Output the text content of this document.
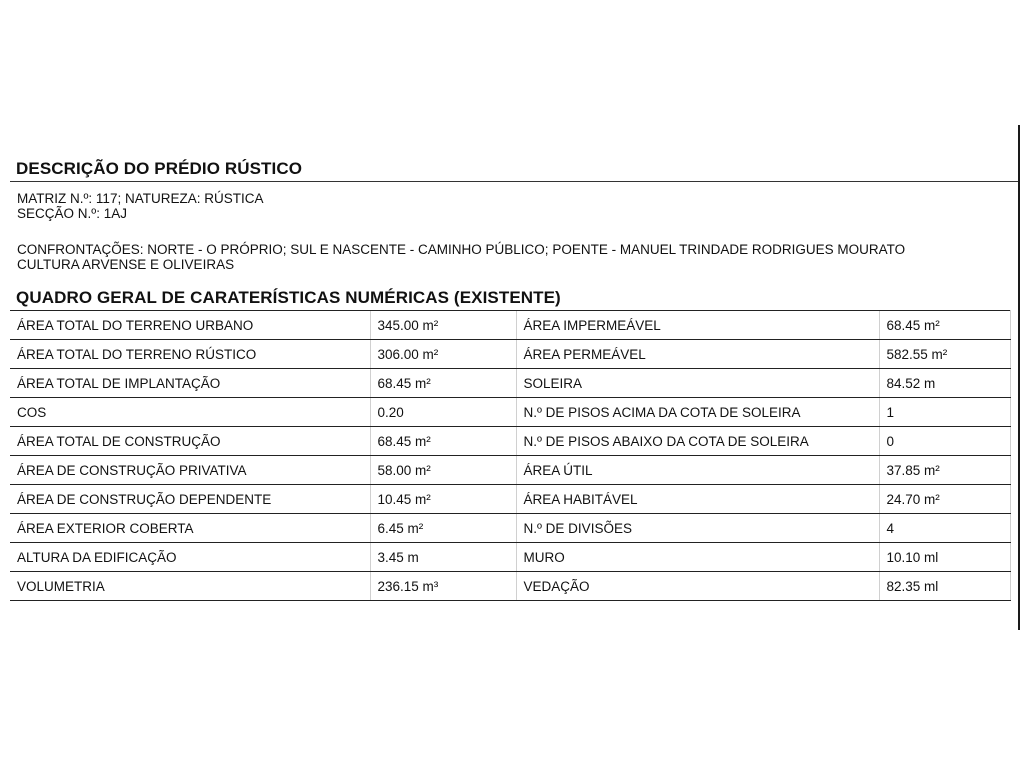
DESCRIÇÃO DO PRÉDIO RÚSTICO
MATRIZ N.º: 117; NATUREZA: RÚSTICA
SECÇÃO N.º: 1AJ
CONFRONTAÇÕES: NORTE - O PRÓPRIO; SUL E NASCENTE - CAMINHO PÚBLICO; POENTE - MANUEL TRINDADE RODRIGUES MOURATO
CULTURA ARVENSE E OLIVEIRAS
QUADRO GERAL DE CARATERÍSTICAS NUMÉRICAS (EXISTENTE)
ÁREA TOTAL DO TERRENO URBANO	345.00 m²	ÁREA IMPERMEÁVEL	68.45 m²
ÁREA TOTAL DO TERRENO RÚSTICO	306.00 m²	ÁREA PERMEÁVEL	582.55 m²
ÁREA TOTAL DE IMPLANTAÇÃO	68.45 m²	SOLEIRA	84.52 m
COS	0.20	N.º DE PISOS ACIMA DA COTA DE SOLEIRA	1
ÁREA TOTAL DE CONSTRUÇÃO	68.45 m²	N.º DE PISOS ABAIXO DA COTA DE SOLEIRA	0
ÁREA DE CONSTRUÇÃO PRIVATIVA	58.00 m²	ÁREA ÚTIL	37.85 m²
ÁREA DE CONSTRUÇÃO DEPENDENTE	10.45 m²	ÁREA HABITÁVEL	24.70 m²
ÁREA EXTERIOR COBERTA	6.45 m²	N.º DE DIVISÕES	4
ALTURA DA EDIFICAÇÃO	3.45 m	MURO	10.10 ml
VOLUMETRIA	236.15 m³	VEDAÇÃO	82.35 ml
